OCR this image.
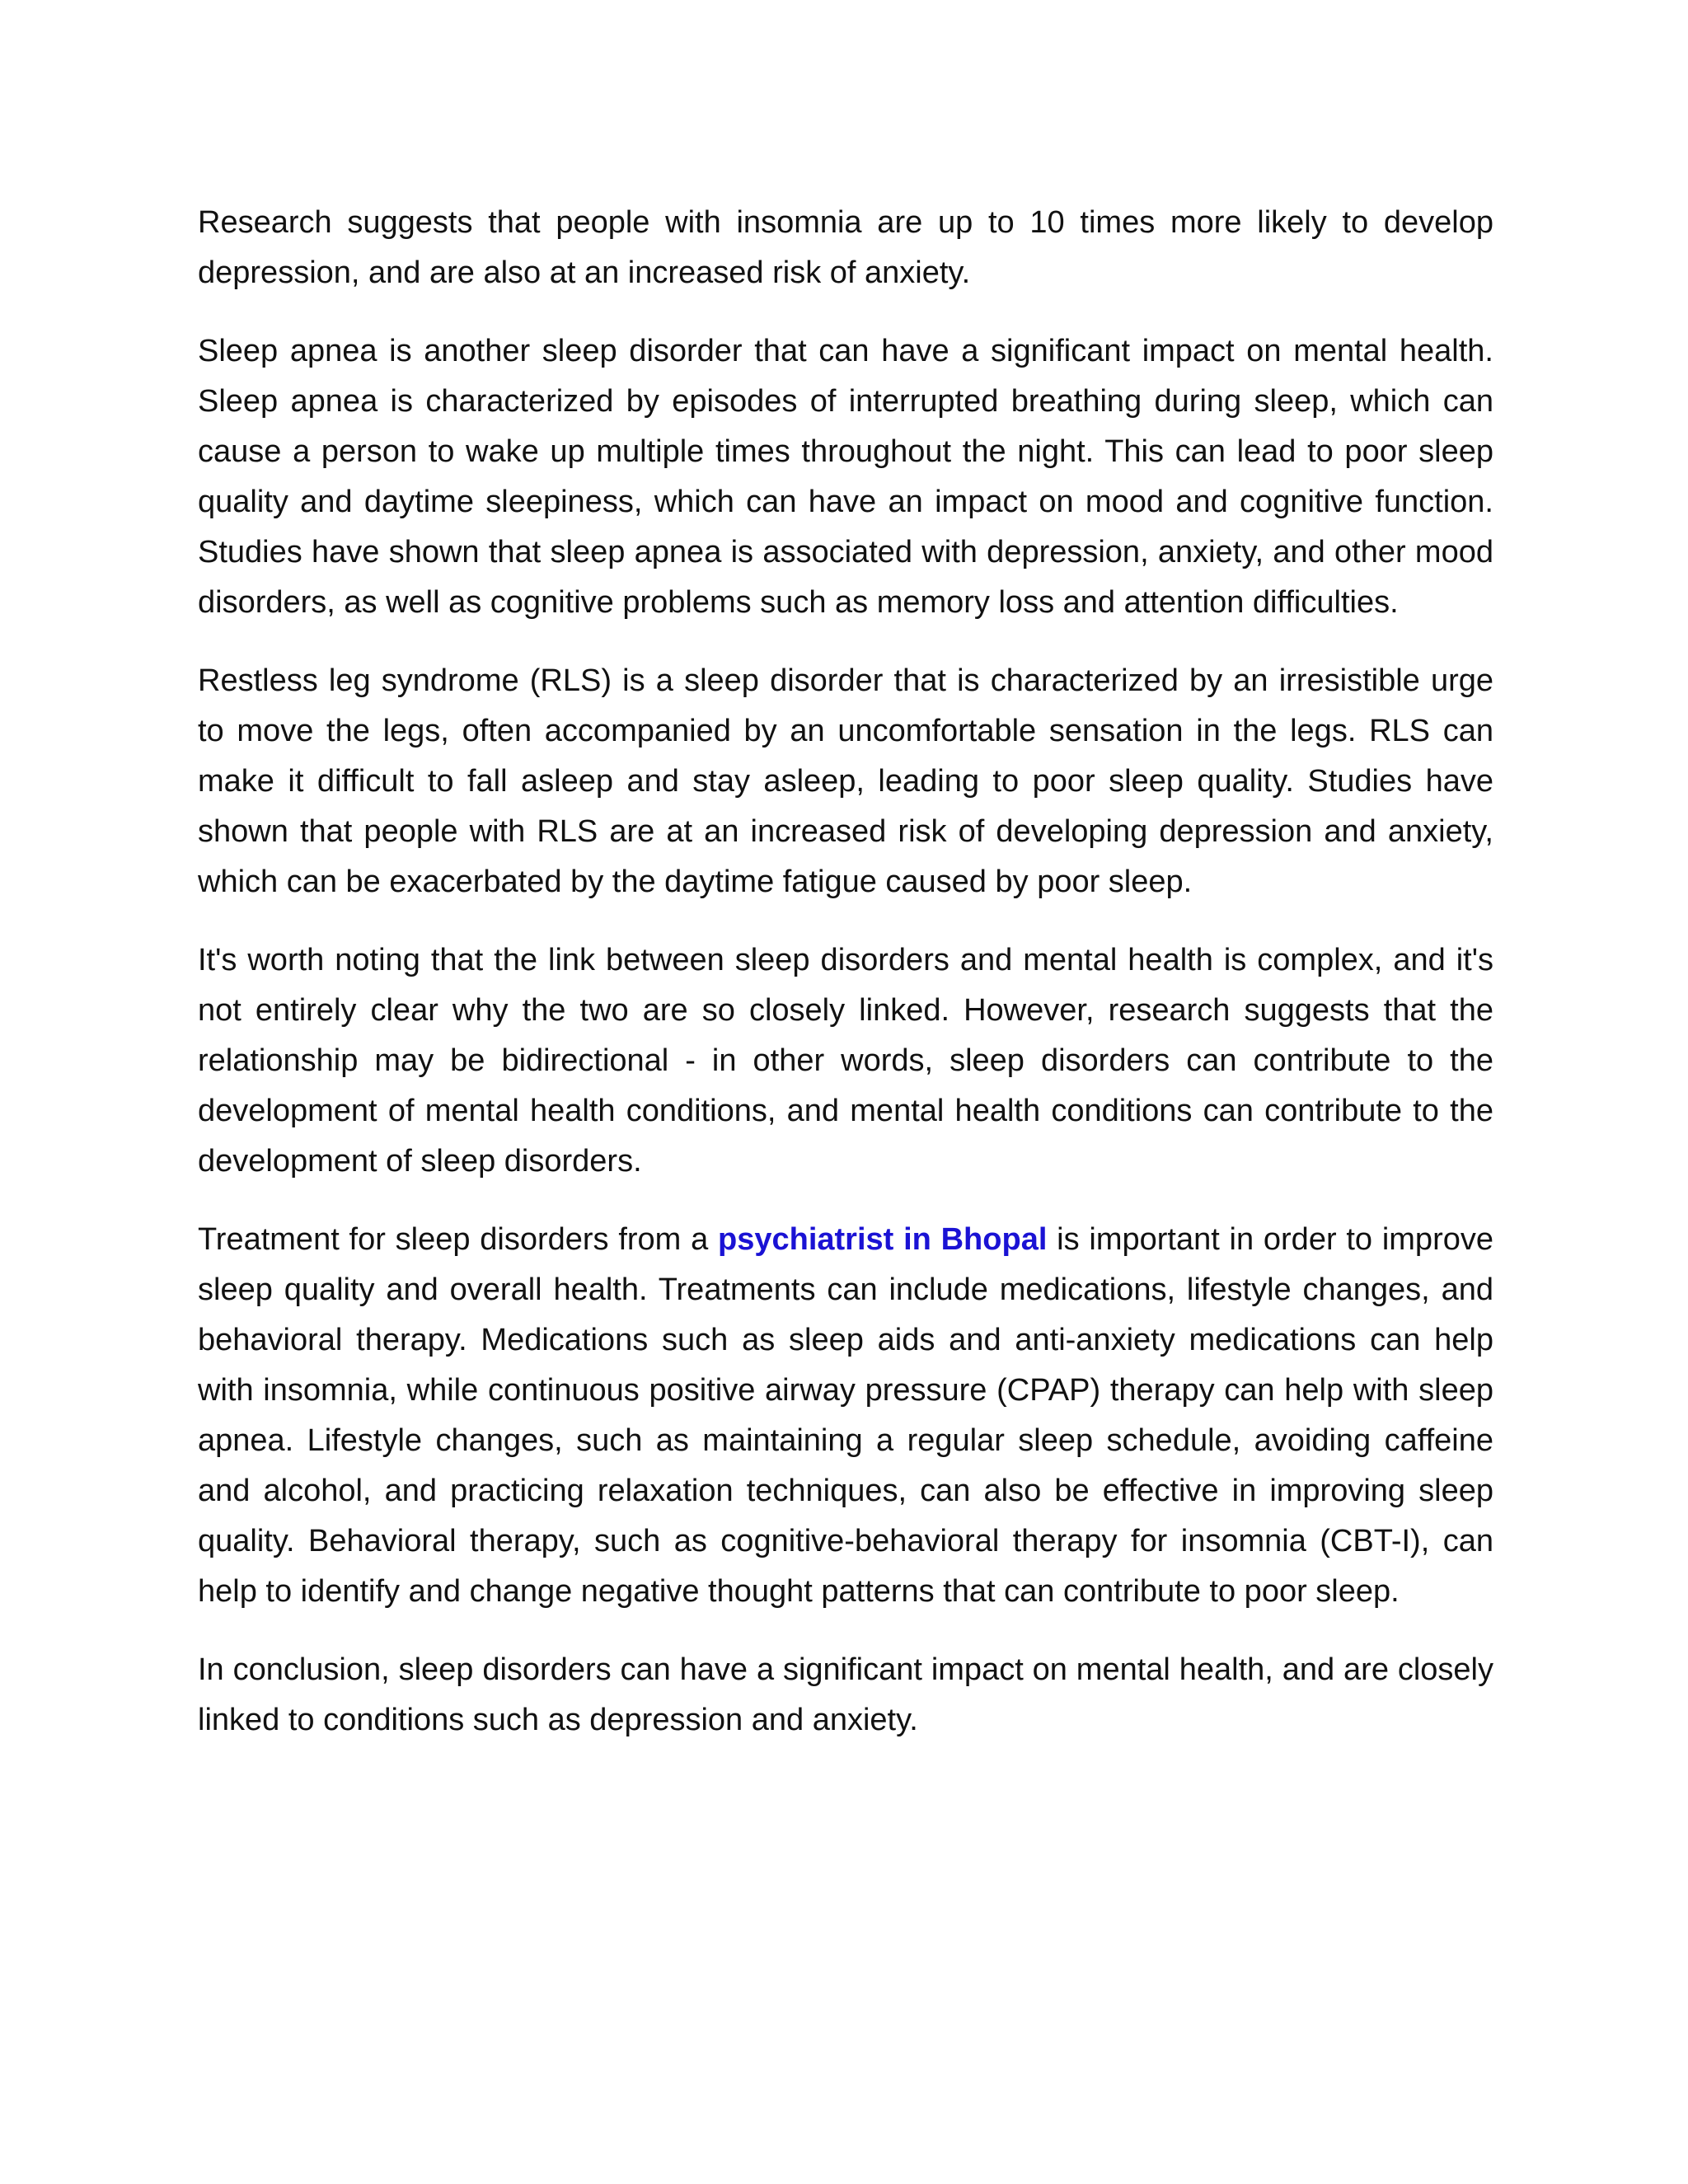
Research suggests that people with insomnia are up to 10 times more likely to develop depression, and are also at an increased risk of anxiety.

Sleep apnea is another sleep disorder that can have a significant impact on mental health. Sleep apnea is characterized by episodes of interrupted breathing during sleep, which can cause a person to wake up multiple times throughout the night. This can lead to poor sleep quality and daytime sleepiness, which can have an impact on mood and cognitive function. Studies have shown that sleep apnea is associated with depression, anxiety, and other mood disorders, as well as cognitive problems such as memory loss and attention difficulties.

Restless leg syndrome (RLS) is a sleep disorder that is characterized by an irresistible urge to move the legs, often accompanied by an uncomfortable sensation in the legs. RLS can make it difficult to fall asleep and stay asleep, leading to poor sleep quality. Studies have shown that people with RLS are at an increased risk of developing depression and anxiety, which can be exacerbated by the daytime fatigue caused by poor sleep.

It's worth noting that the link between sleep disorders and mental health is complex, and it's not entirely clear why the two are so closely linked. However, research suggests that the relationship may be bidirectional - in other words, sleep disorders can contribute to the development of mental health conditions, and mental health conditions can contribute to the development of sleep disorders.

Treatment for sleep disorders from a psychiatrist in Bhopal is important in order to improve sleep quality and overall health. Treatments can include medications, lifestyle changes, and behavioral therapy. Medications such as sleep aids and anti-anxiety medications can help with insomnia, while continuous positive airway pressure (CPAP) therapy can help with sleep apnea. Lifestyle changes, such as maintaining a regular sleep schedule, avoiding caffeine and alcohol, and practicing relaxation techniques, can also be effective in improving sleep quality. Behavioral therapy, such as cognitive-behavioral therapy for insomnia (CBT-I), can help to identify and change negative thought patterns that can contribute to poor sleep.

In conclusion, sleep disorders can have a significant impact on mental health, and are closely linked to conditions such as depression and anxiety.
